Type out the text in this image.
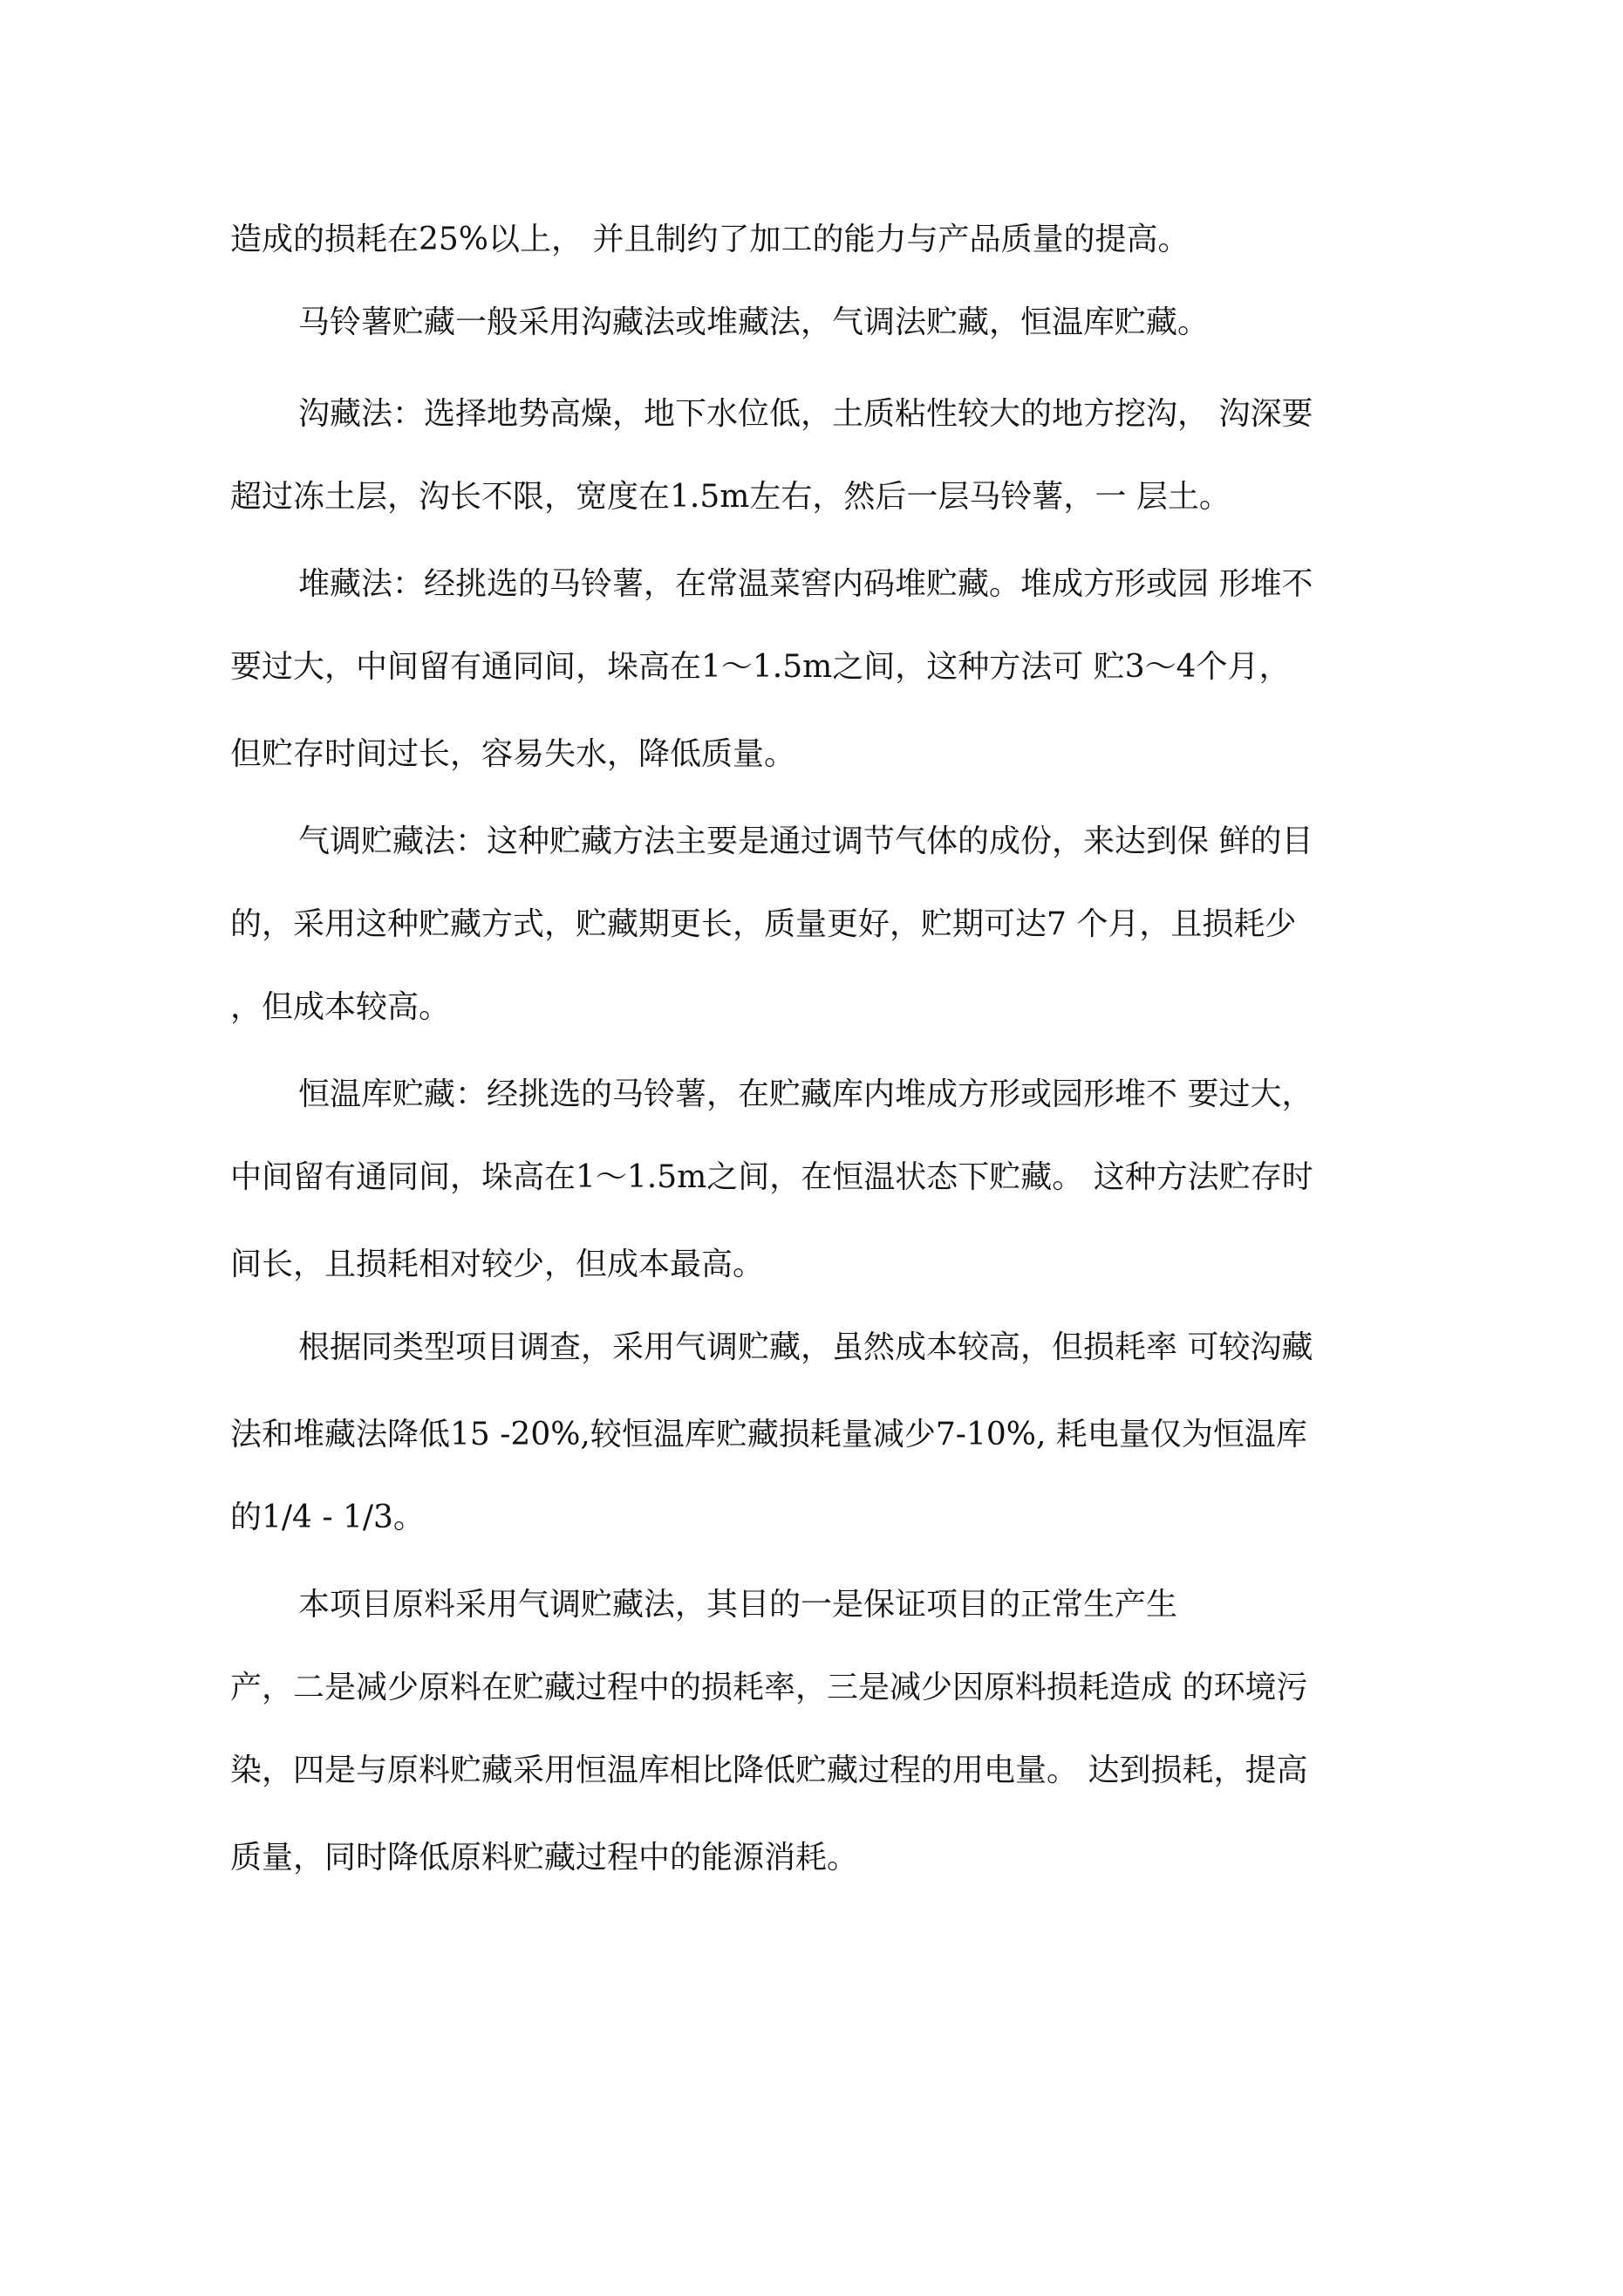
造成的损耗在25%以上， 并且制约了加工的能力与产品质量的提高。
马铃薯贮藏一般采用沟藏法或堆藏法，气调法贮藏，恒温库贮藏。
沟藏法：选择地势高燥，地下水位低，土质粘性较大的地方挖沟， 沟深要
超过冻土层，沟长不限，宽度在1.5m左右，然后一层马铃薯，一 层土。
堆藏法：经挑选的马铃薯，在常温菜窖内码堆贮藏。堆成方形或园 形堆不
要过大，中间留有通同间，垛高在1〜1.5m之间，这种方法可 贮3〜4个月，
但贮存时间过长，容易失水，降低质量。
气调贮藏法：这种贮藏方法主要是通过调节气体的成份，来达到保 鲜的目
的，采用这种贮藏方式，贮藏期更长，质量更好，贮期可达7 个月，且损耗少
，但成本较高。
恒温库贮藏：经挑选的马铃薯，在贮藏库内堆成方形或园形堆不 要过大，
中间留有通同间，垛高在1〜1.5m之间，在恒温状态下贮藏。 这种方法贮存时
间长，且损耗相对较少，但成本最高。
根据同类型项目调查，采用气调贮藏，虽然成本较高，但损耗率 可较沟藏
法和堆藏法降低15 -20%,较恒温库贮藏损耗量减少7-10%, 耗电量仅为恒温库
的1/4 - 1/3。
本项目原料采用气调贮藏法，其目的一是保证项目的正常生产生
产，二是减少原料在贮藏过程中的损耗率，三是减少因原料损耗造成 的环境污
染，四是与原料贮藏采用恒温库相比降低贮藏过程的用电量。 达到损耗，提高
质量，同时降低原料贮藏过程中的能源消耗。
